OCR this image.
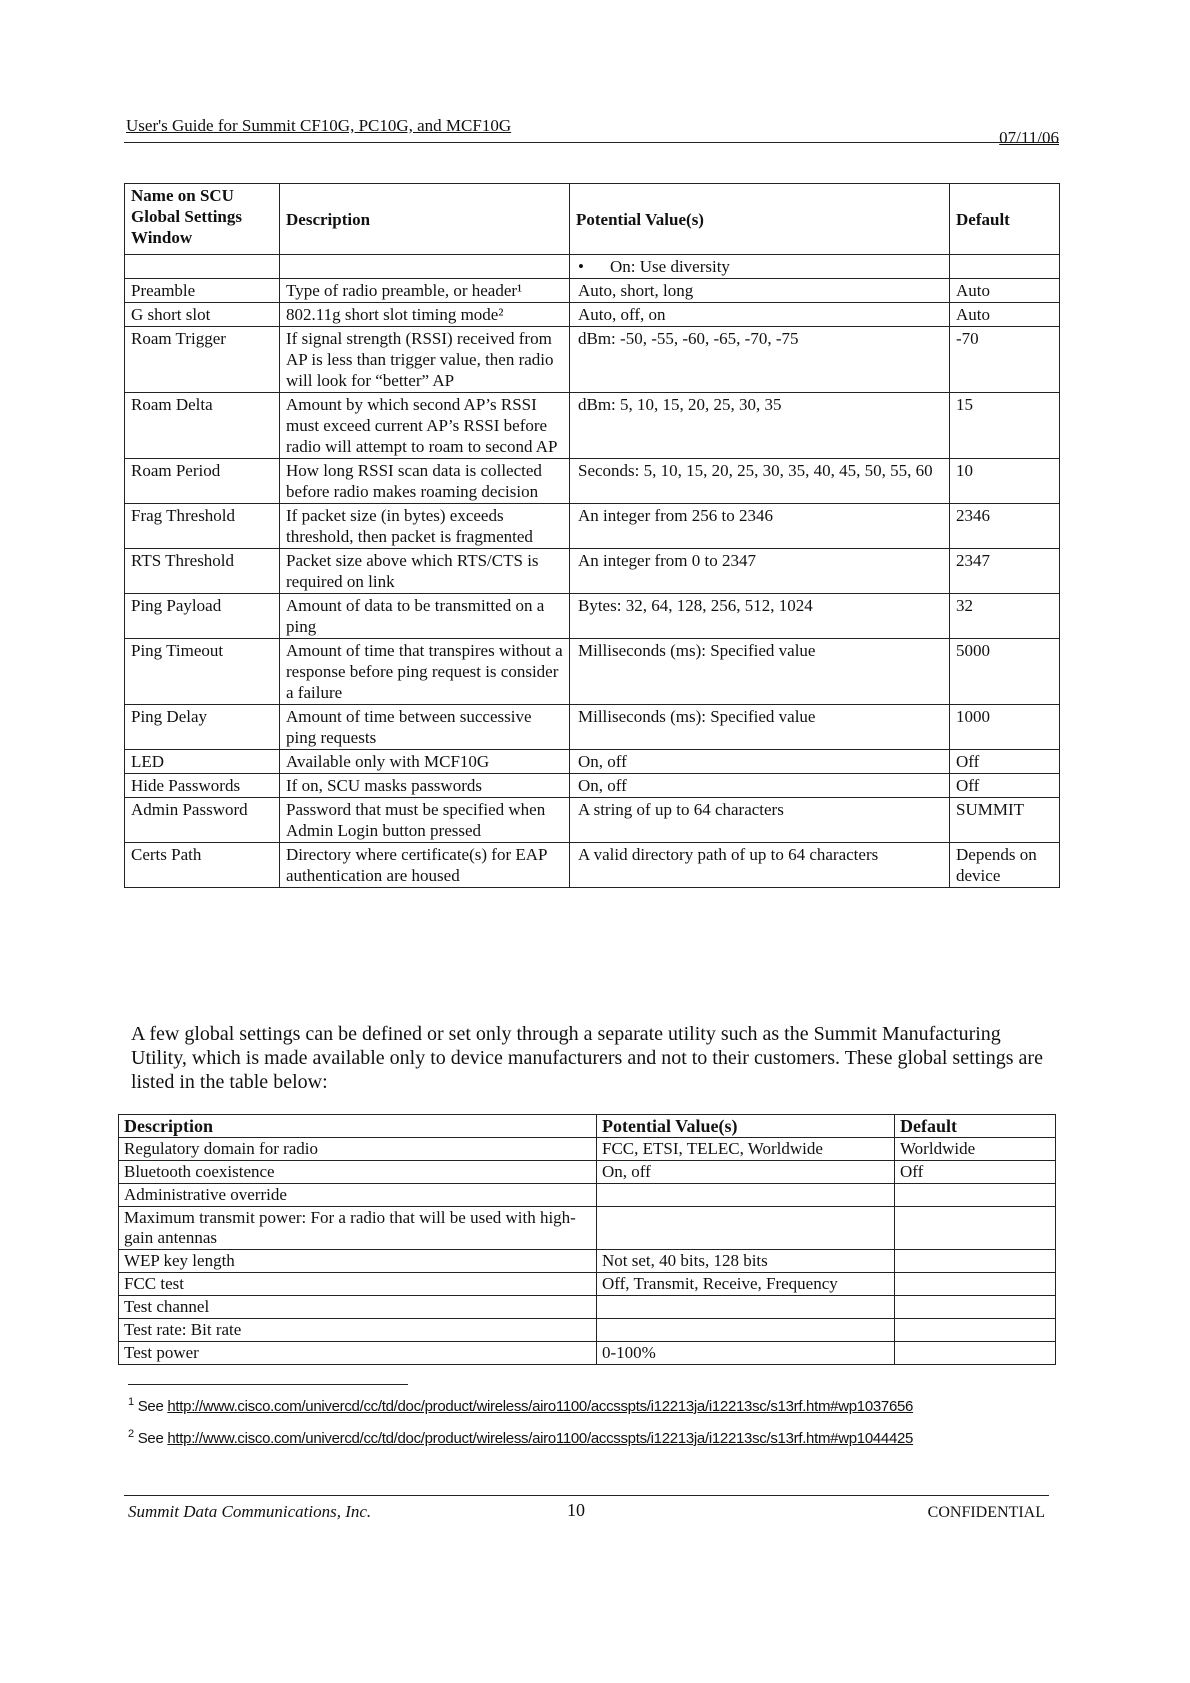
User's Guide for Summit CF10G, PC10G, and MCF10G
07/11/06
Name on SCU Global Settings Window	Description	Potential Value(s)	Default
		• On: Use diversity	
Preamble	Type of radio preamble, or header¹	Auto, short, long	Auto
G short slot	802.11g short slot timing mode²	Auto, off, on	Auto
Roam Trigger	If signal strength (RSSI) received from AP is less than trigger value, then radio will look for “better” AP	dBm: -50, -55, -60, -65, -70, -75	-70
Roam Delta	Amount by which second AP’s RSSI must exceed current AP’s RSSI before radio will attempt to roam to second AP	dBm: 5, 10, 15, 20, 25, 30, 35	15
Roam Period	How long RSSI scan data is collected before radio makes roaming decision	Seconds: 5, 10, 15, 20, 25, 30, 35, 40, 45, 50, 55, 60	10
Frag Threshold	If packet size (in bytes) exceeds threshold, then packet is fragmented	An integer from 256 to 2346	2346
RTS Threshold	Packet size above which RTS/CTS is required on link	An integer from 0 to 2347	2347
Ping Payload	Amount of data to be transmitted on a ping	Bytes: 32, 64, 128, 256, 512, 1024	32
Ping Timeout	Amount of time that transpires without a response before ping request is consider a failure	Milliseconds (ms): Specified value	5000
Ping Delay	Amount of time between successive ping requests	Milliseconds (ms): Specified value	1000
LED	Available only with MCF10G	On, off	Off
Hide Passwords	If on, SCU masks passwords	On, off	Off
Admin Password	Password that must be specified when Admin Login button pressed	A string of up to 64 characters	SUMMIT
Certs Path	Directory where certificate(s) for EAP authentication are housed	A valid directory path of up to 64 characters	Depends on device
A few global settings can be defined or set only through a separate utility such as the Summit Manufacturing Utility, which is made available only to device manufacturers and not to their customers. These global settings are listed in the table below:
Description	Potential Value(s)	Default
Regulatory domain for radio	FCC, ETSI, TELEC, Worldwide	Worldwide
Bluetooth coexistence	On, off	Off
Administrative override		
Maximum transmit power: For a radio that will be used with high-gain antennas		
WEP key length	Not set, 40 bits, 128 bits	
FCC test	Off, Transmit, Receive, Frequency	
Test channel		
Test rate: Bit rate		
Test power	0-100%	
$^1$ See http://www.cisco.com/univercd/cc/td/doc/product/wireless/airo1100/accsspts/i12213ja/i12213sc/s13rf.htm#wp1037656
$^2$ See http://www.cisco.com/univercd/cc/td/doc/product/wireless/airo1100/accsspts/i12213ja/i12213sc/s13rf.htm#wp1044425
Summit Data Communications, Inc.	10	CONFIDENTIAL
